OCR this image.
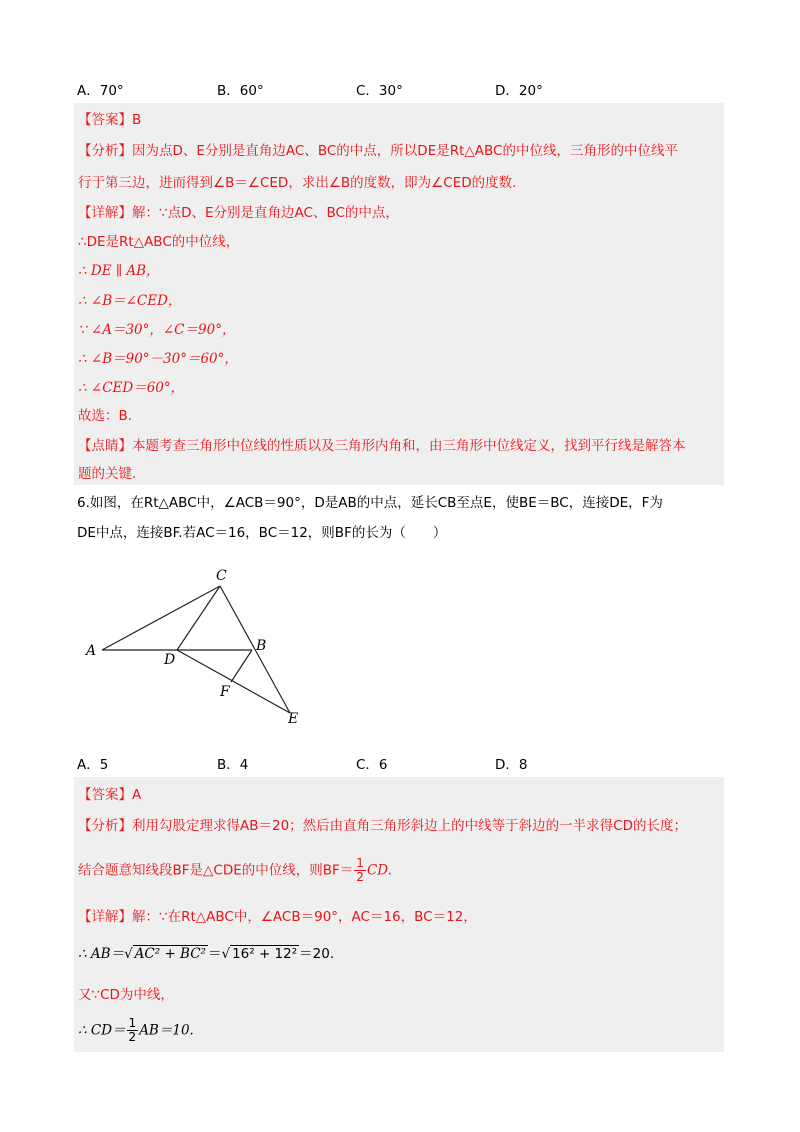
A．70°	B．60°	C．30°	D．20°
【答案】B
【分析】因为点D、E分别是直角边AC、BC的中点，所以DE是Rt△ABC的中位线，三角形的中位线平
行于第三边，进而得到∠B＝∠CED，求出∠B的度数，即为∠CED的度数.
【详解】解：∵点D、E分别是直角边AC、BC的中点，
∴DE是Rt△ABC的中位线，
∴ DE ∥ AB，
∴ ∠B＝∠CED，
∵ ∠A＝30°，∠C＝90°，
∴ ∠B＝90°－30°＝60°，
∴ ∠CED＝60°，
故选：B.
【点睛】本题考查三角形中位线的性质以及三角形内角和，由三角形中位线定义，找到平行线是解答本
题的关键.
6.如图，在Rt△ABC中，∠ACB＝90°，D是AB的中点，延长CB至点E，使BE＝BC，连接DE，F为
DE中点，连接BF.若AC＝16，BC＝12，则BF的长为（　　）
A	B
C
D
E
F
A．5	B．4	C．6	D．8
【答案】A
【分析】利用勾股定理求得AB＝20；然后由直角三角形斜边上的中线等于斜边的一半求得CD的长度；
结合题意知线段BF是△CDE的中位线，则$BF= \frac{1}{2}$ CD.
【详解】解：∵在Rt△ABC中，∠ACB＝90°，AC＝16，BC＝12，
∴ AB＝√ AC² + BC² ＝√ 16² + 12² ＝20.
又∵CD为中线，
∴ $CD= \frac{1}{2} AB=10$.
